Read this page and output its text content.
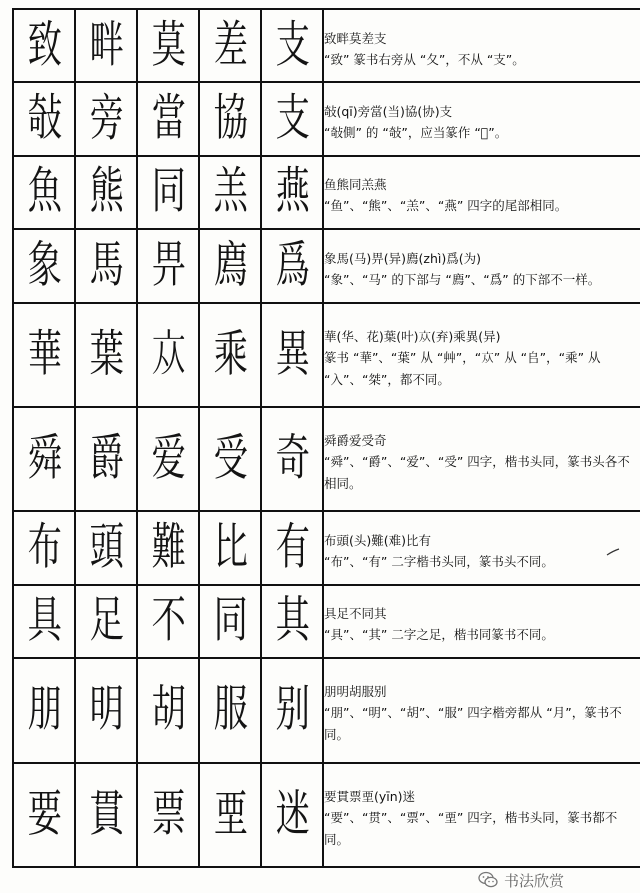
致	畔	莫	差	支	致畔莫差支
“致” 篆书右旁从 “夂”，不从 “支”。

敧	旁	當	協	支	敧(qī)旁當(当)協(协)支
“敧側” 的 “敧”，应当篆作 “𢻱”。

魚	熊	同	羔	燕	鱼熊同羔燕
“鱼”、“熊”、“羔”、“燕” 四字的尾部相同。

象	馬	畀	廌	爲	象馬(马)畀(异)廌(zhì)爲(为)
“象”、“马” 的下部与 “廌”、“爲” 的下部不一样。

華	葉	𠅃	乘	異	華(华、花)葉(叶)𠅃(弃)乘異(异)
篆书 “華”、“葉” 从 “艸”，“𠅃” 从 “𠂤”，“乘” 从 “入”、“桀”，都不同。

舜	爵	爱	受	奇	舜爵爱受奇
“舜”、“爵”、“爱”、“受” 四字，楷书头同，篆书头各不相同。

布	頭	難	比	有	布頭(头)難(难)比有
“布”、“有” 二字楷书头同，篆书头不同。

具	足	不	同	其	具足不同其
“具”、“其” 二字之足，楷书同篆书不同。

朋	明	胡	服	别	朋明胡服别
“朋”、“明”、“胡”、“服” 四字楷旁都从 “月”，篆书不同。

要	貫	票	垔	迷	要貫票垔(yīn)迷
“要”、“贯”、“票”、“垔” 四字，楷书头同，篆书都不同。
书法欣赏
